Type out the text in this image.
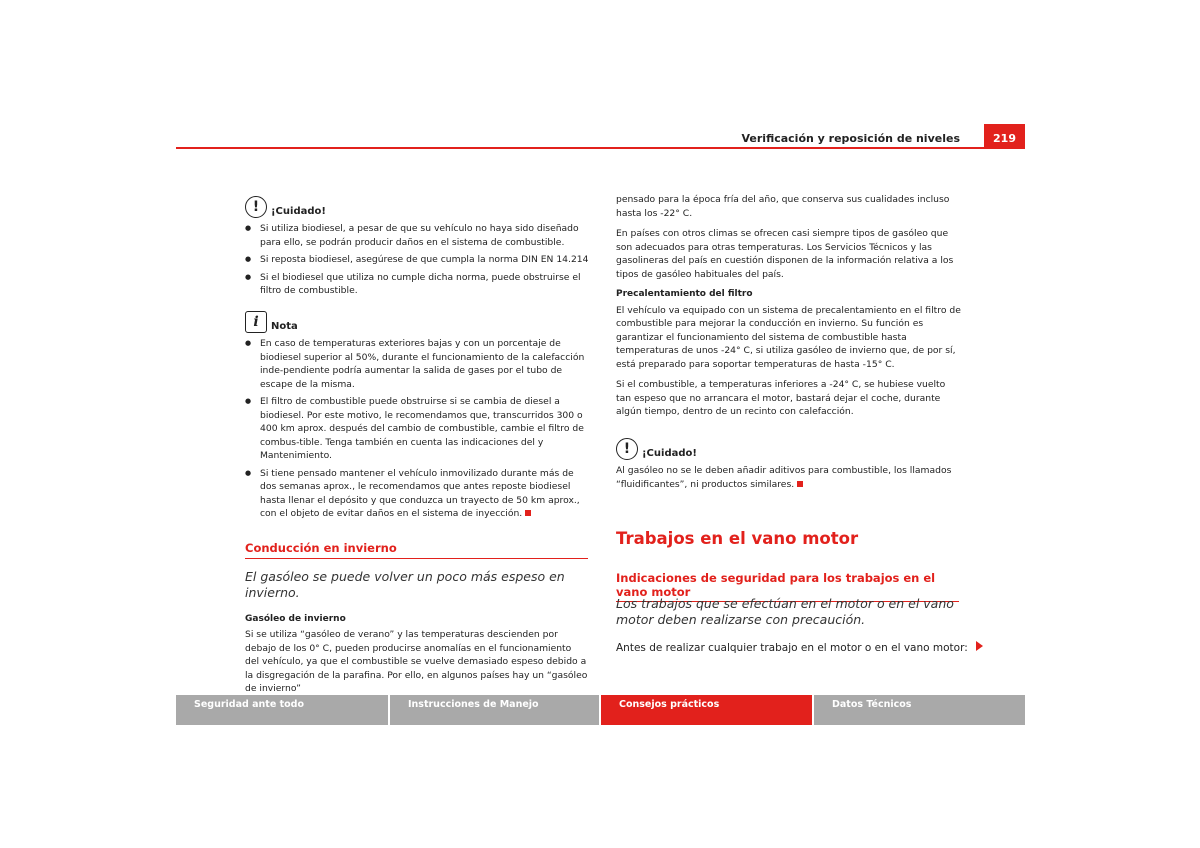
Verificación y reposición de niveles	219
! ¡Cuidado!

● Si utiliza biodiesel, a pesar de que su vehículo no haya sido diseñado para ello, se podrán producir daños en el sistema de combustible.

● Si reposta biodiesel, asegúrese de que cumpla la norma DIN EN 14.214

● Si el biodiesel que utiliza no cumple dicha norma, puede obstruirse el filtro de combustible.

i Nota

● En caso de temperaturas exteriores bajas y con un porcentaje de biodiesel superior al 50%, durante el funcionamiento de la calefacción inde-pendiente podría aumentar la salida de gases por el tubo de escape de la misma.

● El filtro de combustible puede obstruirse si se cambia de diesel a biodiesel. Por este motivo, le recomendamos que, transcurridos 300 o 400 km aprox. después del cambio de combustible, cambie el filtro de combus-tible. Tenga también en cuenta las indicaciones del y Mantenimiento.

● Si tiene pensado mantener el vehículo inmovilizado durante más de dos semanas aprox., le recomendamos que antes reposte biodiesel hasta llenar el depósito y que conduzca un trayecto de 50 km aprox., con el objeto de evitar daños en el sistema de inyección.

Conducción en invierno

El gasóleo se puede volver un poco más espeso en invierno.

Gasóleo de invierno

Si se utiliza “gasóleo de verano” y las temperaturas descienden por debajo de los 0° C, pueden producirse anomalías en el funcionamiento del vehículo, ya que el combustible se vuelve demasiado espeso debido a la disgregación de la parafina. Por ello, en algunos países hay un “gasóleo de invierno”

pensado para la época fría del año, que conserva sus cualidades incluso hasta los -22° C.

En países con otros climas se ofrecen casi siempre tipos de gasóleo que son adecuados para otras temperaturas. Los Servicios Técnicos y las gasolineras del país en cuestión disponen de la información relativa a los tipos de gasóleo habituales del país.

Precalentamiento del filtro

El vehículo va equipado con un sistema de precalentamiento en el filtro de combustible para mejorar la conducción en invierno. Su función es garantizar el funcionamiento del sistema de combustible hasta temperaturas de unos -24° C, si utiliza gasóleo de invierno que, de por sí, está preparado para soportar temperaturas de hasta -15° C.

Si el combustible, a temperaturas inferiores a -24° C, se hubiese vuelto tan espeso que no arrancara el motor, bastará dejar el coche, durante algún tiempo, dentro de un recinto con calefacción.

! ¡Cuidado!

Al gasóleo no se le deben añadir aditivos para combustible, los llamados “fluidificantes”, ni productos similares.

Trabajos en el vano motor
Indicaciones de seguridad para los trabajos en el vano motor

Los trabajos que se efectúan en el motor o en el vano motor deben realizarse con precaución.

Antes de realizar cualquier trabajo en el motor o en el vano motor:

Seguridad ante todo	Instrucciones de Manejo	Consejos prácticos	Datos Técnicos
